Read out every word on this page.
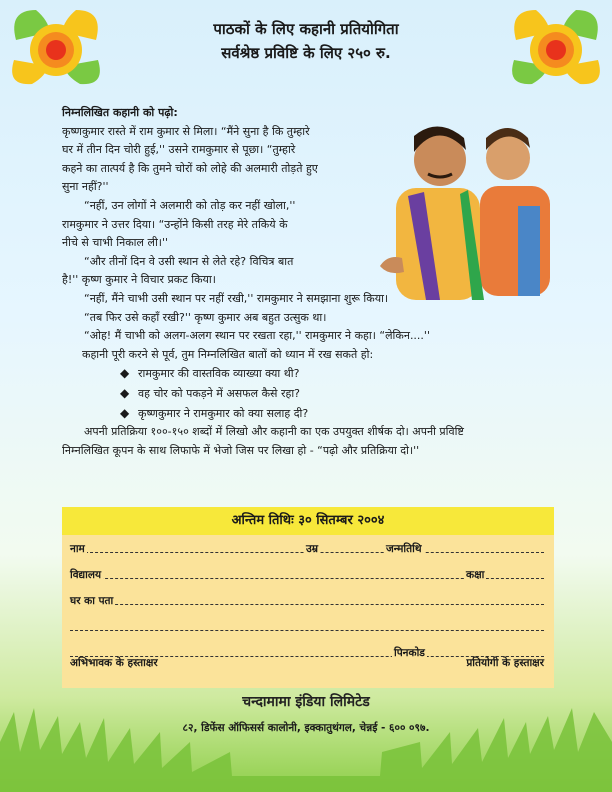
पाठकों के लिए कहानी प्रतियोगिता
सर्वश्रेष्ठ प्रविष्टि के लिए २५० रु.

निम्नलिखित कहानी को पढ़ो:

कृष्णकुमार रास्ते में राम कुमार से मिला। “मैंने सुना है कि तुम्हारे

घर में तीन दिन चोरी हुई,'' उसने रामकुमार से पूछा। “तुम्हारे

कहने का तात्पर्य है कि तुमने चोरों को लोहे की अलमारी तोड़ते हुए

सुना नहीं?''

“नहीं, उन लोगों ने अलमारी को तोड़ कर नहीं खोला,''

रामकुमार ने उत्तर दिया। “उन्होंने किसी तरह मेरे तकिये के

नीचे से चाभी निकाल ली।''

“और तीनों दिन वे उसी स्थान से लेते रहे? विचित्र बात

है!'' कृष्ण कुमार ने विचार प्रकट किया।

“नहीं, मैंने चाभी उसी स्थान पर नहीं रखी,'' रामकुमार ने समझाना शुरू किया।

“तब फिर उसे कहाँ रखी?'' कृष्ण कुमार अब बहुत उत्सुक था।

“ओह! मैं चाभी को अलग-अलग स्थान पर रखता रहा,'' रामकुमार ने कहा। “लेकिन....''

कहानी पूरी करने से पूर्व, तुम निम्नलिखित बातों को ध्यान में रख सकते हो:

◆ रामकुमार की वास्तविक व्याख्या क्या थी?
◆ वह चोर को पकड़ने में असफल कैसे रहा?
◆ कृष्णकुमार ने रामकुमार को क्या सलाह दी?

अपनी प्रतिक्रिया १००-१५० शब्दों में लिखो और कहानी का एक उपयुक्त शीर्षक दो। अपनी प्रविष्टि

निम्नलिखित कूपन के साथ लिफाफे में भेजो जिस पर लिखा हो - “पढ़ो और प्रतिक्रिया दो।''

अन्तिम तिथिः ३० सितम्बर २००४
नाम	उम्र	जन्मतिथि
विद्यालय	कक्षा
घर का पता
पिनकोड
अभिभावक के हस्ताक्षर	प्रतियोगी के हस्ताक्षर
चन्दामामा इंडिया लिमिटेड
८२, डिफेंस ऑफिसर्स कालोनी, इक्कातुथंगल, चेन्नई - ६०० ०९७.
